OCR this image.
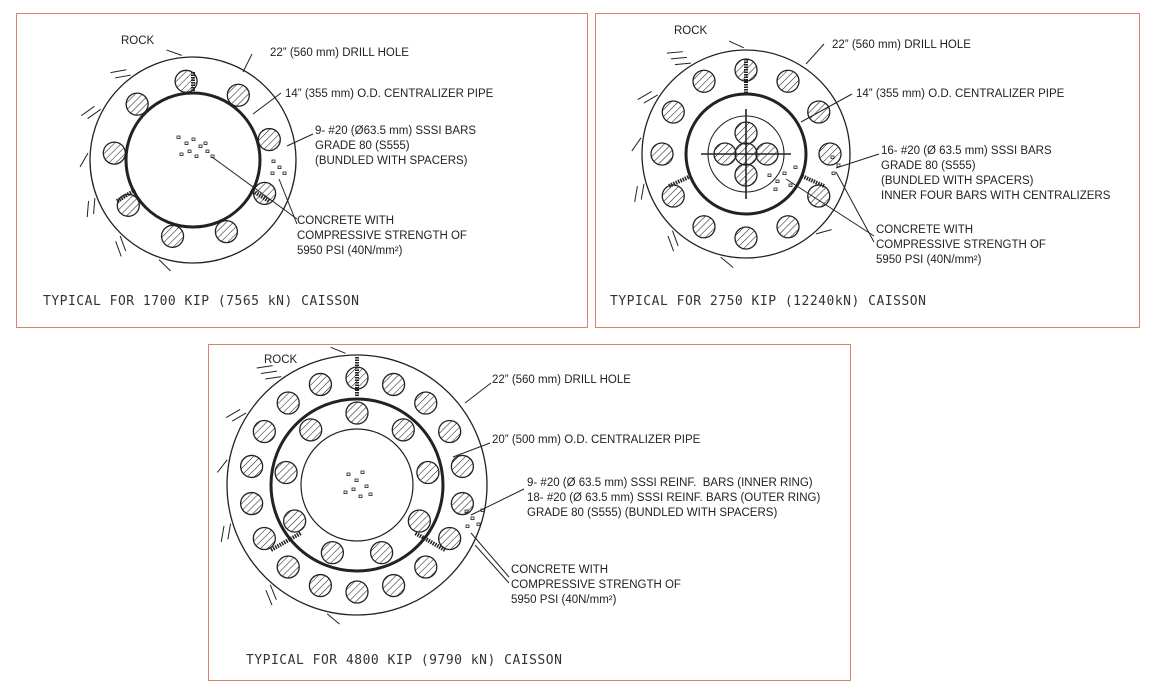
ROCK
22” (560 mm) DRILL HOLE
14” (355 mm) O.D. CENTRALIZER PIPE
9- #20 (Ø63.5 mm) SSSI BARS
GRADE 80 (S555)
(BUNDLED WITH SPACERS)
CONCRETE WITH
COMPRESSIVE STRENGTH OF
5950 PSI (40N/mm²)
TYPICAL FOR 1700 KIP (7565 kN) CAISSON
ROCK
22” (560 mm) DRILL HOLE
14” (355 mm) O.D. CENTRALIZER PIPE
16- #20 (Ø 63.5 mm) SSSI BARS
GRADE 80 (S555)
(BUNDLED WITH SPACERS)
INNER FOUR BARS WITH CENTRALIZERS
CONCRETE WITH
COMPRESSIVE STRENGTH OF
5950 PSI (40N/mm²)
TYPICAL FOR 2750 KIP (12240kN) CAISSON
ROCK
22” (560 mm) DRILL HOLE
20” (500 mm) O.D. CENTRALIZER PIPE
9- #20 (Ø 63.5 mm) SSSI REINF.  BARS (INNER RING)
18- #20 (Ø 63.5 mm) SSSI REINF. BARS (OUTER RING)
GRADE 80 (S555) (BUNDLED WITH SPACERS)
CONCRETE WITH
COMPRESSIVE STRENGTH OF
5950 PSI (40N/mm²)
TYPICAL FOR 4800 KIP (9790 kN) CAISSON
